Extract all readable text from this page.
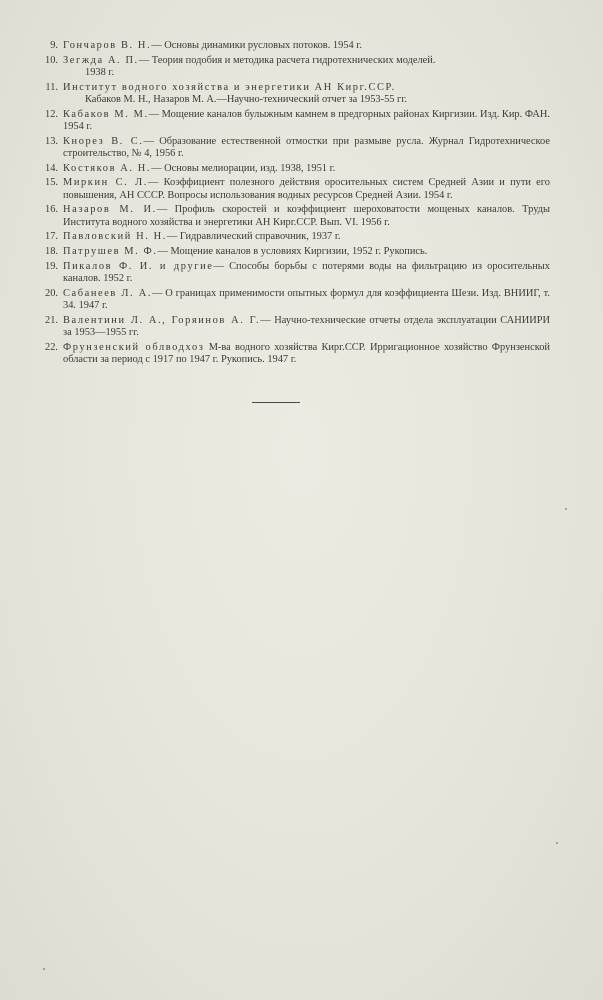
9. Гончаров В. Н.— Основы динамики русловых потоков. 1954 г.
10. Зегжда А. П.— Теория подобия и методика расчета гидротехнических моделей.
1938 г.
11. Институт водного хозяйства и энергетики АН Кирг.ССР.
Кабаков М. Н., Назаров М. А.—Научно-технический отчет за 1953-55 гг.
12. Кабаков М. М.— Мощение каналов булыжным камнем в предгорных районах Киргизии. Изд. Кир. ФАН. 1954 г.
13. Кнорез В. С.— Образование естественной отмостки при размыве русла. Журнал Гидротехническое строительство, № 4, 1956 г.
14. Костяков А. Н.— Основы мелиорации, изд. 1938, 1951 г.
15. Миркин С. Л.— Коэффициент полезного действия оросительных систем Средней Азии и пути его повышения, АН СССР. Вопросы использования водных ресурсов Средней Азии. 1954 г.
16. Назаров М. И.— Профиль скоростей и коэффициент шероховатости мощеных каналов. Труды Института водного хозяйства и энергетики АН Кирг.ССР. Вып. VI. 1956 г.
17. Павловский Н. Н.— Гидравлический справочник, 1937 г.
18. Патрушев М. Ф.— Мощение каналов в условиях Киргизии, 1952 г. Рукопись.
19. Пикалов Ф. И. и другие— Способы борьбы с потерями воды на фильтрацию из оросительных каналов. 1952 г.
20. Сабанеев Л. А.— О границах применимости опытных формул для коэффициента Шези. Изд. ВНИИГ, т. 34. 1947 г.
21. Валентини Л. А., Горяинов А. Г.— Научно-технические отчеты отдела эксплуатации САНИИРИ за 1953—1955 гг.
22. Фрунзенский облводхоз М-ва водного хозяйства Кирг.ССР. Ирригационное хозяйство Фрунзенской области за период с 1917 по 1947 г. Рукопись. 1947 г.
